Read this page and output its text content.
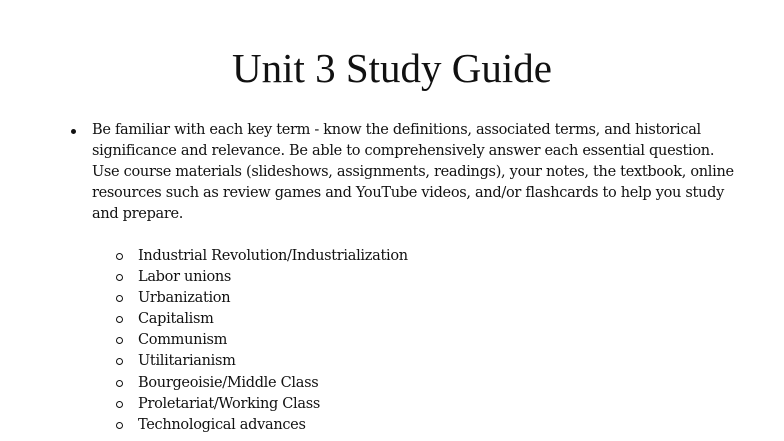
Unit 3 Study Guide

Be familiar with each key term - know the definitions, associated terms, and historical significance and relevance. Be able to comprehensively answer each essential question. Use course materials (slideshows, assignments, readings), your notes, the textbook, online resources such as review games and YouTube videos, and/or flashcards to help you study and prepare.

Industrial Revolution/Industrialization
Labor unions
Urbanization
Capitalism
Communism
Utilitarianism
Bourgeoisie/Middle Class
Proletariat/Working Class
Technological advances
